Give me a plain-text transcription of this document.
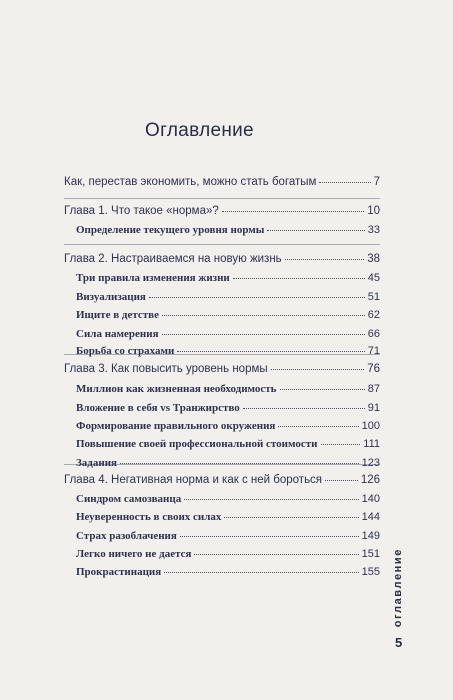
Оглавление
Как, перестав экономить, можно стать богатым	7
Глава 1. Что такое «норма»?	10
Определение текущего уровня нормы	33
Глава 2. Настраиваемся на новую жизнь	38
Три правила изменения жизни	45
Визуализация	51
Ищите в детстве	62
Сила намерения	66
Борьба со страхами	71
Глава 3. Как повысить уровень нормы	76
Миллион как жизненная необходимость	87
Вложение в себя vs Транжирство	91
Формирование правильного окружения	100
Повышение своей профессиональной стоимости	111
Задания	123
Глава 4. Негативная норма и как с ней бороться	126
Синдром самозванца	140
Неуверенность в своих силах	144
Страх разоблачения	149
Легко ничего не дается	151
Прокрастинация	155 оглавление
5
